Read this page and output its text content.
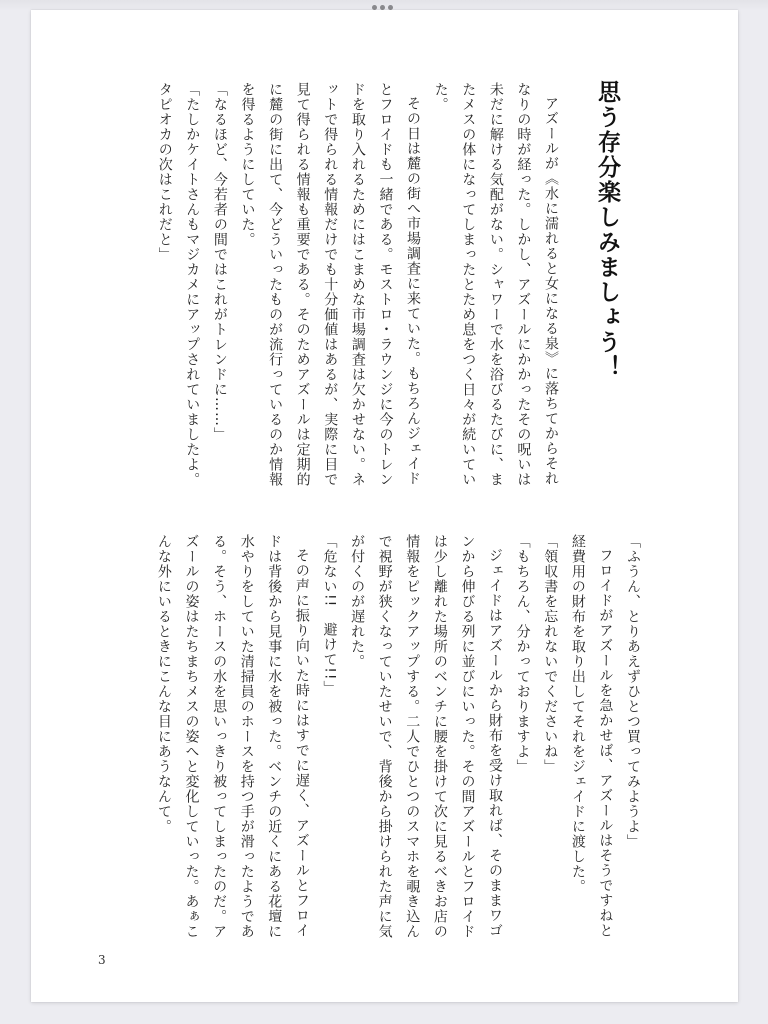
思う存分楽しみましょう！

アズールが《水に濡れると女になる泉》に落ちてからそれなりの時が経った。しかし、アズールにかかったその呪いは未だに解ける気配がない。シャワーで水を浴びるたびに、またメスの体になってしまったとため息をつく日々が続いていた。

その日は麓の街へ市場調査に来ていた。もちろんジェイドとフロイドも一緒である。モストロ・ラウンジに今のトレンドを取り入れるためにはこまめな市場調査は欠かせない。ネットで得られる情報だけでも十分価値はあるが、実際に目で見て得られる情報も重要である。そのためアズールは定期的に麓の街に出て、今どういったものが流行っているのか情報を得るようにしていた。

「なるほど、今若者の間ではこれがトレンドに……」

「たしかケイトさんもマジカメにアップされていましたよ。タピオカの次はこれだと」

「ふうん、とりあえずひとつ買ってみようよ」

フロイドがアズールを急かせば、アズールはそうですねと経費用の財布を取り出してそれをジェイドに渡した。

「領収書を忘れないでくださいね」

「もちろん、分かっておりますよ」

ジェイドはアズールから財布を受け取れば、そのままワゴンから伸びる列に並びにいった。その間アズールとフロイドは少し離れた場所のベンチに腰を掛けて次に見るべきお店の情報をピックアップする。二人でひとつのスマホを覗き込んで視野が狭くなっていたせいで、背後から掛けられた声に気が付くのが遅れた。

「危ない!!　避けて!!」

その声に振り向いた時にはすでに遅く、アズールとフロイドは背後から見事に水を被った。ベンチの近くにある花壇に水やりをしていた清掃員のホースを持つ手が滑ったようである。そう、ホースの水を思いっきり被ってしまったのだ。アズールの姿はたちまちメスの姿へと変化していった。あぁこんな外にいるときにこんな目にあうなんて。

3
